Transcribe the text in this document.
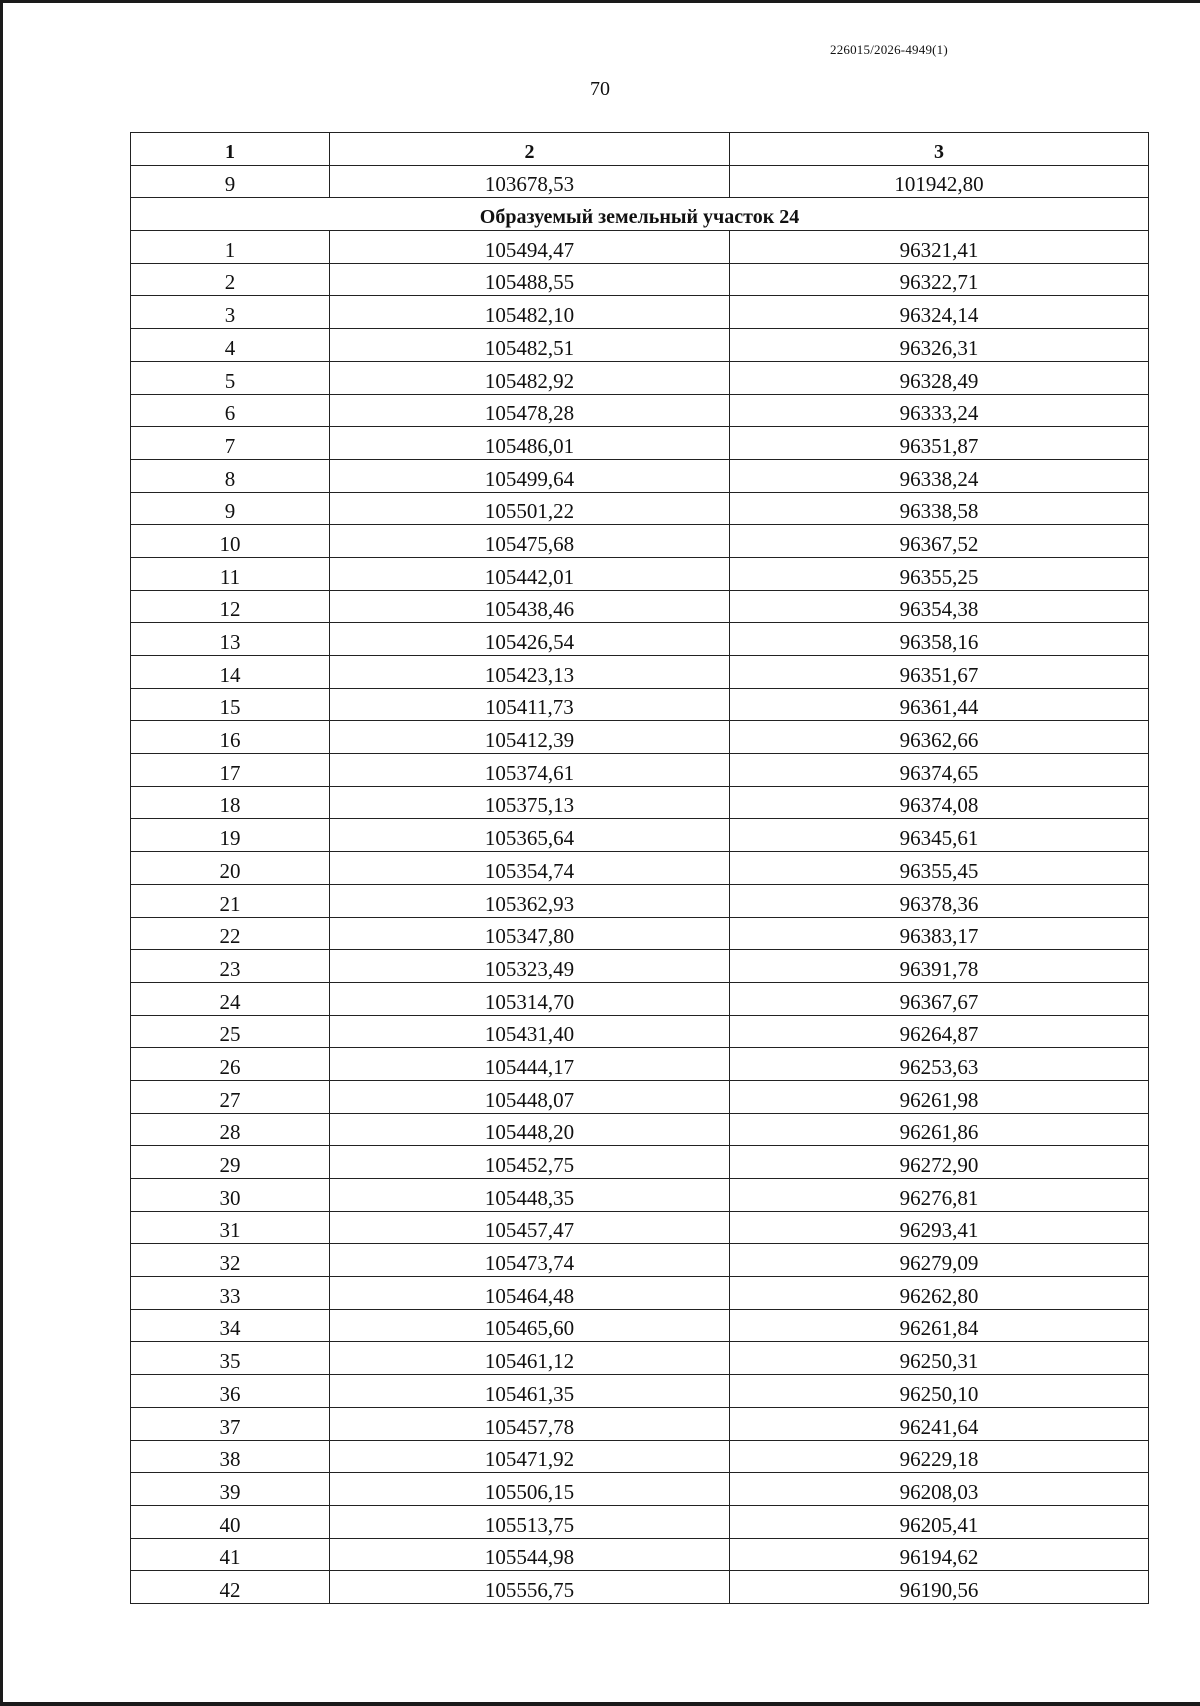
226015/2026-4949(1)
70
1	2	3
9	103678,53	101942,80
Образуемый земельный участок 24		
1	105494,47	96321,41
2	105488,55	96322,71
3	105482,10	96324,14
4	105482,51	96326,31
5	105482,92	96328,49
6	105478,28	96333,24
7	105486,01	96351,87
8	105499,64	96338,24
9	105501,22	96338,58
10	105475,68	96367,52
11	105442,01	96355,25
12	105438,46	96354,38
13	105426,54	96358,16
14	105423,13	96351,67
15	105411,73	96361,44
16	105412,39	96362,66
17	105374,61	96374,65
18	105375,13	96374,08
19	105365,64	96345,61
20	105354,74	96355,45
21	105362,93	96378,36
22	105347,80	96383,17
23	105323,49	96391,78
24	105314,70	96367,67
25	105431,40	96264,87
26	105444,17	96253,63
27	105448,07	96261,98
28	105448,20	96261,86
29	105452,75	96272,90
30	105448,35	96276,81
31	105457,47	96293,41
32	105473,74	96279,09
33	105464,48	96262,80
34	105465,60	96261,84
35	105461,12	96250,31
36	105461,35	96250,10
37	105457,78	96241,64
38	105471,92	96229,18
39	105506,15	96208,03
40	105513,75	96205,41
41	105544,98	96194,62
42	105556,75	96190,56
